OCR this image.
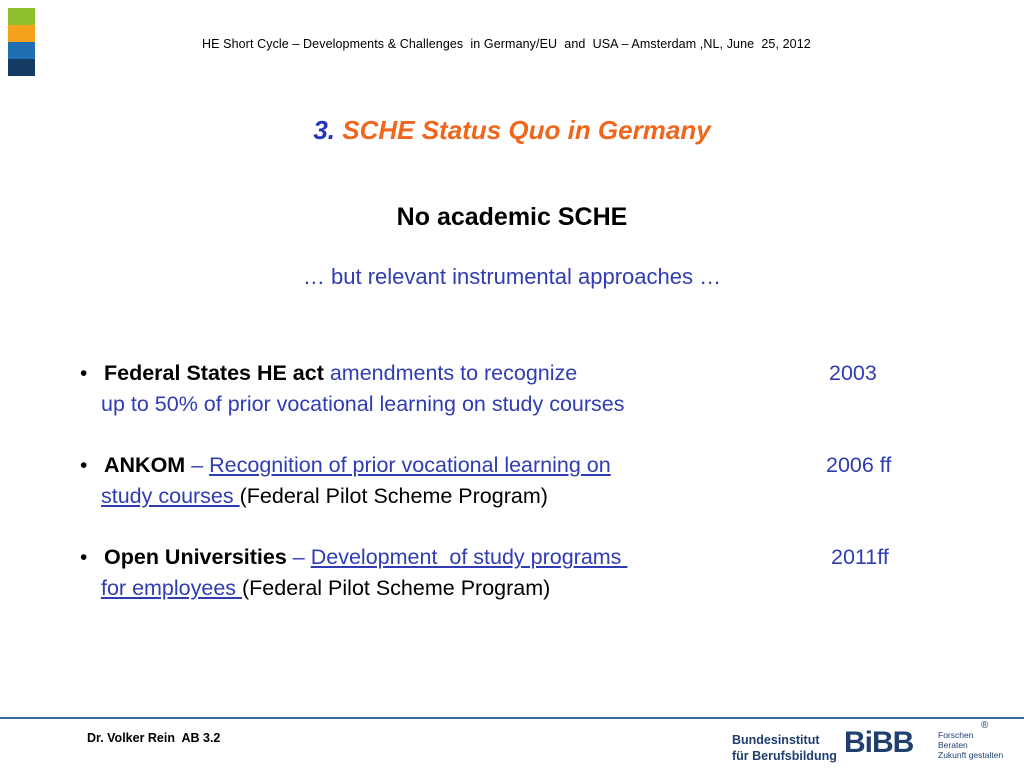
HE Short Cycle – Developments & Challenges  in Germany/EU  and  USA – Amsterdam ,NL, June  25, 2012
3. SCHE Status Quo in Germany
No academic SCHE
… but relevant instrumental approaches …
• Federal States HE act amendments to recognize
up to 50% of prior vocational learning on study courses
2003
• ANKOM – Recognition of prior vocational learning on
study courses (Federal Pilot Scheme Program)
2006 ff
• Open Universities – Development  of study programs
for employees (Federal Pilot Scheme Program)
2011ff
Dr. Volker Rein  AB 3.2	Bundesinstitut
für Berufsbildung BiBB	Forschen
Beraten
Zukunft gestalten
®
